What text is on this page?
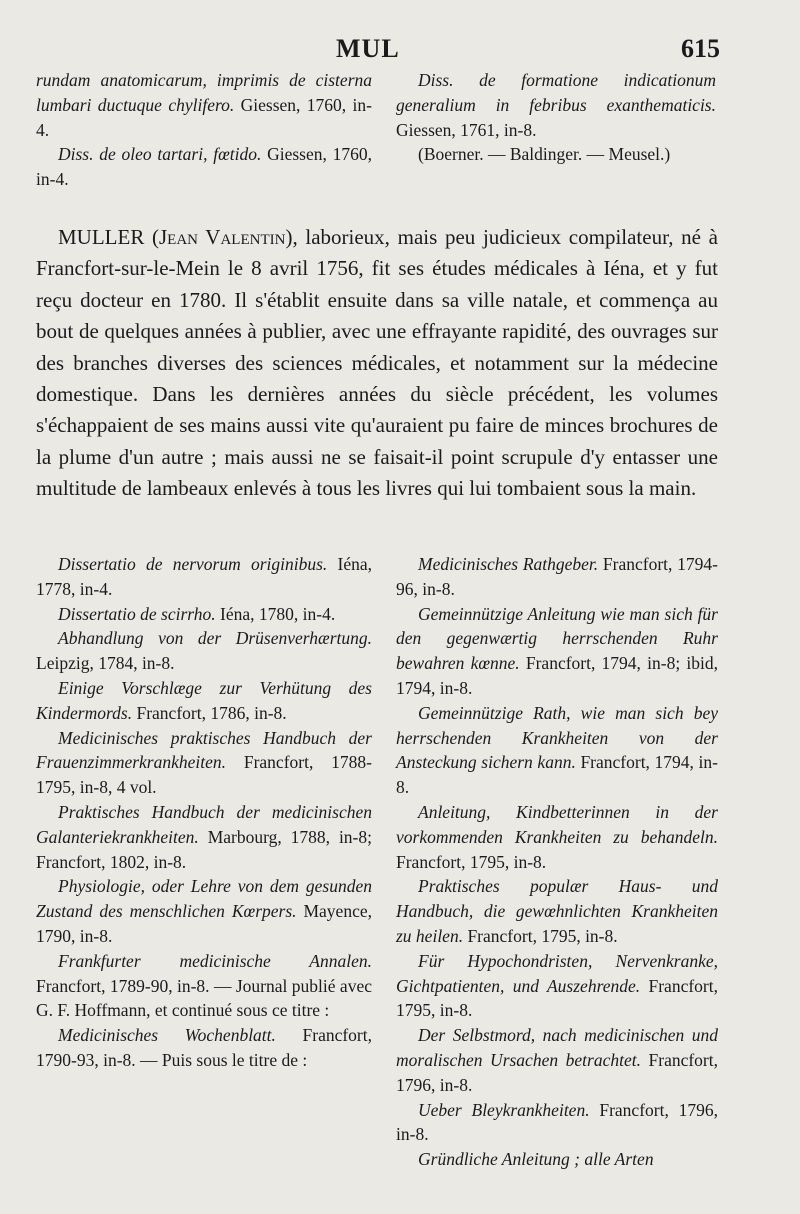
MUL	615

rundam anatomicarum, imprimis de cisterna lumbari ductuque chylifero. Giessen, 1760, in-4.

Diss. de oleo tartari, fœtido. Giessen, 1760, in-4.

Diss. de formatione indicationum generalium in febribus exanthematicis. Giessen, 1761, in-8.

(Boerner. — Baldinger. — Meusel.)

MULLER (Jean Valentin), laborieux, mais peu judicieux compilateur, né à Francfort-sur-le-Mein le 8 avril 1756, fit ses études médicales à Iéna, et y fut reçu docteur en 1780. Il s'établit ensuite dans sa ville natale, et commença au bout de quelques années à publier, avec une effrayante rapidité, des ouvrages sur des branches diverses des sciences médicales, et notamment sur la médecine domestique. Dans les dernières années du siècle précédent, les volumes s'échappaient de ses mains aussi vite qu'auraient pu faire de minces brochures de la plume d'un autre ; mais aussi ne se faisait-il point scrupule d'y entasser une multitude de lambeaux enlevés à tous les livres qui lui tombaient sous la main.

Dissertatio de nervorum originibus. Iéna, 1778, in-4.

Dissertatio de scirrho. Iéna, 1780, in-4.

Abhandlung von der Drüsenverhærtung. Leipzig, 1784, in-8.

Einige Vorschlæge zur Verhütung des Kindermords. Francfort, 1786, in-8.

Medicinisches praktisches Handbuch der Frauenzimmerkrankheiten. Francfort, 1788-1795, in-8, 4 vol.

Praktisches Handbuch der medicinischen Galanteriekrankheiten. Marbourg, 1788, in-8; Francfort, 1802, in-8.

Physiologie, oder Lehre von dem gesunden Zustand des menschlichen Kœrpers. Mayence, 1790, in-8.

Frankfurter medicinische Annalen. Francfort, 1789-90, in-8. — Journal publié avec G. F. Hoffmann, et continué sous ce titre :

Medicinisches Wochenblatt. Francfort, 1790-93, in-8. — Puis sous le titre de :

Medicinisches Rathgeber. Francfort, 1794-96, in-8.

Gemeinnützige Anleitung wie man sich für den gegenwærtig herrschenden Ruhr bewahren kœnne. Francfort, 1794, in-8; ibid, 1794, in-8.

Gemeinnützige Rath, wie man sich bey herrschenden Krankheiten von der Ansteckung sichern kann. Francfort, 1794, in-8.

Anleitung, Kindbetterinnen in der vorkommenden Krankheiten zu behandeln. Francfort, 1795, in-8.

Praktisches populær Haus- und Handbuch, die gewœhnlichten Krankheiten zu heilen. Francfort, 1795, in-8.

Für Hypochondristen, Nervenkranke, Gichtpatienten, und Auszehrende. Francfort, 1795, in-8.

Der Selbstmord, nach medicinischen und moralischen Ursachen betrachtet. Francfort, 1796, in-8.

Ueber Bleykrankheiten. Francfort, 1796, in-8.

Gründliche Anleitung ; alle Arten
